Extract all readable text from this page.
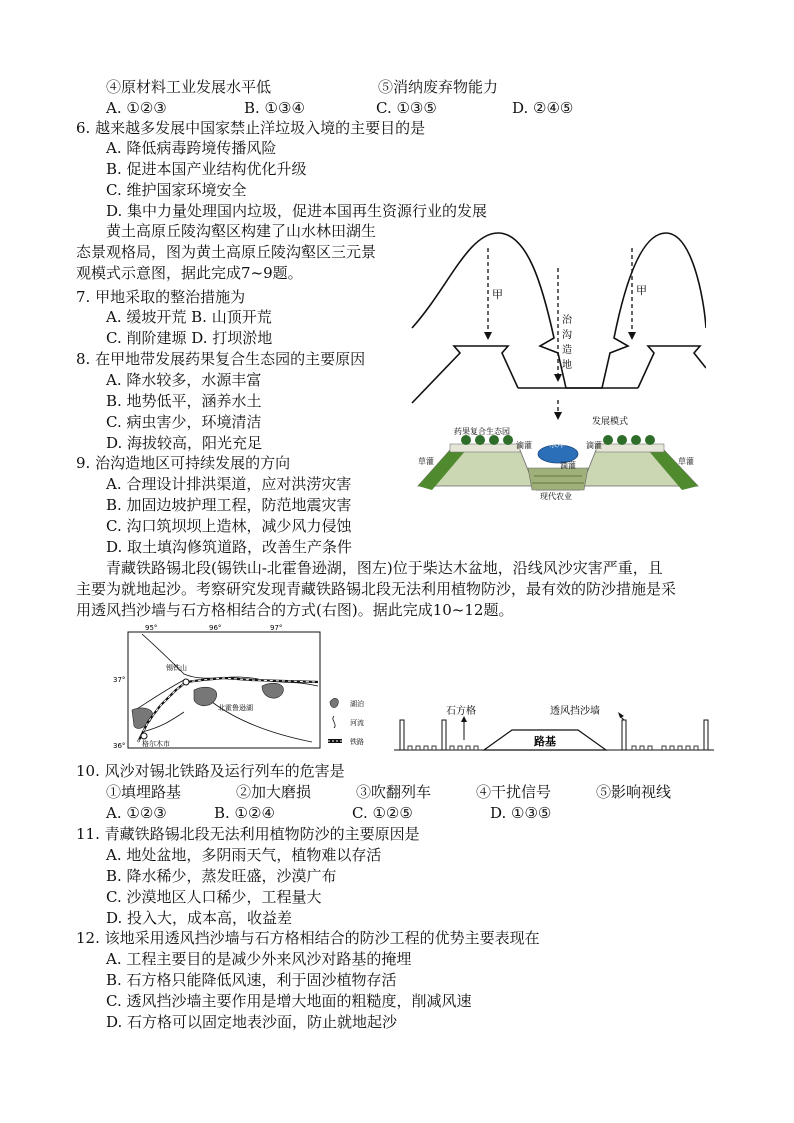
④原材料工业发展水平低	⑤消纳废弃物能力
A. ①②③	B. ①③④	C. ①③⑤	D. ②④⑤
6. 越来越多发展中国家禁止洋垃圾入境的主要目的是
A. 降低病毒跨境传播风险
B. 促进本国产业结构优化升级
C. 维护国家环境安全
D. 集中力量处理国内垃圾，促进本国再生资源行业的发展
黄土高原丘陵沟壑区构建了山水林田湖生
态景观格局，图为黄土高原丘陵沟壑区三元景
观模式示意图，据此完成7~9题。
7. 甲地采取的整治措施为
A. 缓坡开荒 B. 山顶开荒
C. 削阶建塬 D. 打坝淤地
8. 在甲地带发展药果复合生态园的主要原因
A. 降水较多，水源丰富
B. 地势低平，涵养水土
C. 病虫害少，环境清洁
D. 海拔较高，阳光充足
9. 治沟造地区可持续发展的方向
A. 合理设计排洪渠道，应对洪涝灾害
B. 加固边坡护理工程，防范地震灾害
C. 沟口筑坝坝上造林，减少风力侵蚀
D. 取土填沟修筑道路，改善生产条件
甲	甲
治
沟
造
地
发展模式
药果复合生态园
滴灌	滴灌
水库
滴灌
草灌	草灌
现代农业
青藏铁路锡北段(锡铁山-北霍鲁逊湖，图左)位于柴达木盆地，沿线风沙灾害严重，且
主要为就地起沙。考察研究发现青藏铁路锡北段无法利用植物防沙，最有效的防沙措施是采
用透风挡沙墙与石方格相结合的方式(右图)。据此完成10~12题。
95°	96°	97°
37°
36°
锡铁山
北霍鲁逊湖
格尔木市
湖泊
河流
铁路	路基
石方格	透风挡沙墙
10. 风沙对锡北铁路及运行列车的危害是
①填埋路基	②加大磨损	③吹翻列车	④干扰信号	⑤影响视线
A. ①②③	B. ①②④	C. ①②⑤	D. ①③⑤
11. 青藏铁路锡北段无法利用植物防沙的主要原因是
A. 地处盆地，多阴雨天气，植物难以存活
B. 降水稀少，蒸发旺盛，沙漠广布
C. 沙漠地区人口稀少，工程量大
D. 投入大，成本高，收益差
12. 该地采用透风挡沙墙与石方格相结合的防沙工程的优势主要表现在
A. 工程主要目的是减少外来风沙对路基的掩埋
B. 石方格只能降低风速，利于固沙植物存活
C. 透风挡沙墙主要作用是增大地面的粗糙度，削减风速
D. 石方格可以固定地表沙面，防止就地起沙
